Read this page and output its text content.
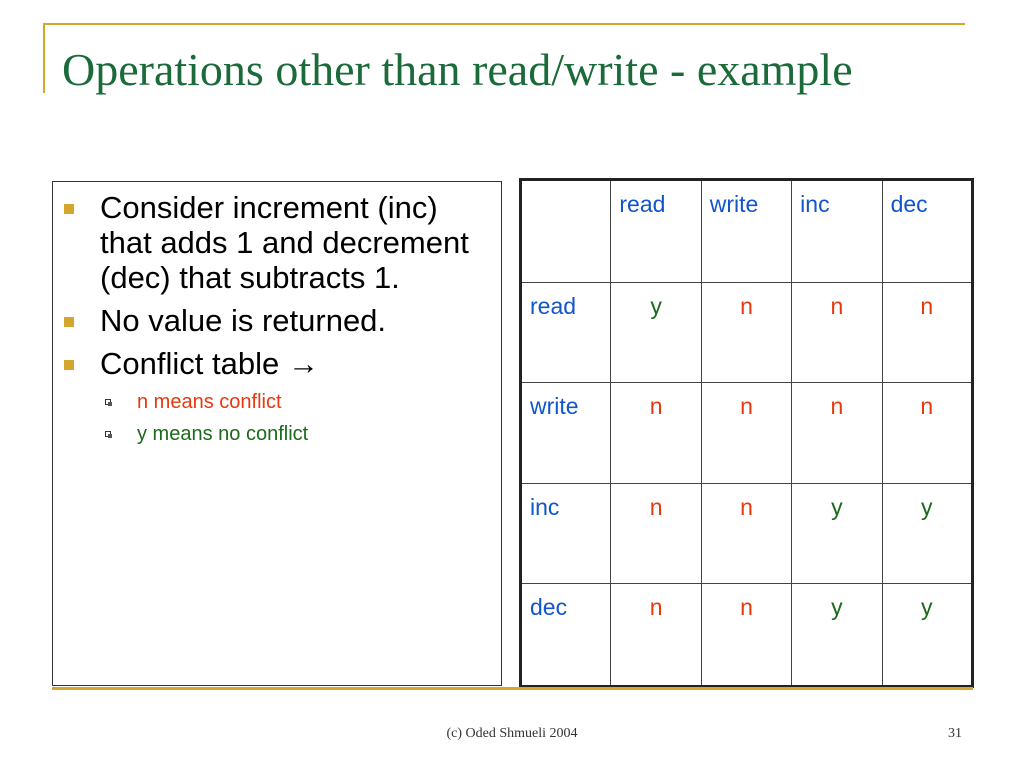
Operations other than read/write - example
Consider increment (inc) that adds 1 and decrement (dec) that subtracts 1.
No value is returned.
Conflict table →
n means conflict
y means no conflict
	read	write	inc	dec
read	y	n	n	n
write	n	n	n	n
inc	n	n	y	y
dec	n	n	y	y
(c) Oded Shmueli 2004	31
